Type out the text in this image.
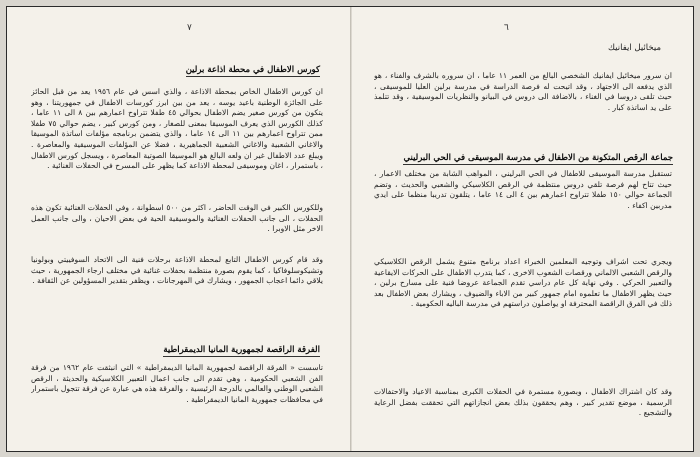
٧
كورس الاطفال في محطة اذاعة برلين
ان كورس الاطفال الخاص بمحطة الاذاعة ، والذي اسس في عام ١٩٥٦ يعد من قبل الحائز على الجائزة الوطنية باعيد يوسه ، يعد من بين ابرز كورسات الاطفال في جمهوريتنا ، وهو يتكون من كورس صغير يضم الاطفال بحوالي ٤٥ طفلا تتراوح اعمارهم بين ٨ الى ١١ عاما ، كذلك الكورس الذي يعرف الموسيقا بمعنى للصغار ، ومن كورس كبير ، يضم حوالي ٧٥ طفلا ممن تتراوح اعمارهم بين ١١ الى ١٤ عاما ، والذي يتضمن برنامجه مؤلفات اساتذة الموسيقا والاغاني الشعبية والاغاني الشعبية الجماهيرية ، فضلا عن المؤلفات الموسيقية والمعاصرة . ويبلغ عدد الاطفال غير ان ولعه البالغ هو الموسيقا الصوتية المعاصرة ، ويسجل كورس الاطفال ، باستمرار ، اغان وموسيقى لمحطة الاذاعة كما يظهر على المسرح في الحفلات الغنائية .
وللكورس الكبير في الوقت الحاضر ، اكثر من ٥٠٠ اسطوانة ، وفي الحفلات الغنائية تكون هذه الحفلات ، الى جانب الحفلات الغنائية والموسيقية الحية في بعض الاحيان ، والى جانب العمل الاخر مثل الاوبرا .
وقد قام كورس الاطفال التابع لمحطة الاذاعة برحلات فنية الى الاتحاد السوفييتي وبولونيا وتشيكوسلوفاكيا ، كما يقوم بصورة منتظمة بحفلات غنائية في مختلف ارجاء الجمهورية ، حيث يلاقي دائما اعجاب الجمهور ، ويشارك في المهرجانات ، ويظفر بتقدير المسؤولين عن الثقافة .
الفرقة الراقصة لجمهورية المانيا الديمقراطية
تاسست « الفرقة الراقصة لجمهورية المانيا الديمقراطية » التي انبثقت عام ١٩٦٢ من فرقة الفن الشعبي الحكومية ، وهي تقدم الى جانب اعمال التعبير الكلاسيكية والحديثة ، الرقص الشعبي الوطني والعالمي بالدرجة الرئيسية ، والفرقة هذه هي عبارة عن فرقة تتجول باستمرار في محافظات جمهورية المانيا الديمقراطية .
٦
ميخائيل ايفانيك
ان سرور ميخائيل ايفانيك الشخصي البالغ من العمر ١١ عاما ، ان سروره بالشرف والفناء ، هو الذي يدفعه الى الاجتهاد ، وقد اتيحت له فرصة الدراسة في مدرسة برلين العليا للموسيقى ، حيث تلقى دروسا في الغناء ، بالاضافة الى دروس في البيانو والنظريات الموسيقية ، وقد تتلمذ على يد اساتذة كبار .
جماعة الرقص المتكونة من الاطفال في مدرسة الموسيقى في الحي البرليني
تستقبل مدرسة الموسيقى للاطفال في الحي البرليني ، المواهب الشابة من مختلف الاعمار ، حيث تتاح لهم فرصة تلقي دروس منتظمة في الرقص الكلاسيكي والشعبي والحديث ، وتضم الجماعة حوالي ١٥٠ طفلا تتراوح اعمارهم بين ٤ الى ١٤ عاما ، يتلقون تدريبا منظما على ايدي مدربين اكفاء .
ويجري تحت اشراف وتوجيه المعلمين الخبراء اعداد برنامج متنوع يشمل الرقص الكلاسيكي والرقص الشعبي الالماني ورقصات الشعوب الاخرى ، كما يتدرب الاطفال على الحركات الايقاعية والتعبير الحركي . وفي نهاية كل عام دراسي تقدم الجماعة عروضا فنية على مسارح برلين ، حيث يظهر الاطفال ما تعلموه امام جمهور كبير من الاباء والضيوف ، ويشارك بعض الاطفال بعد ذلك في الفرق الراقصة المحترفة او يواصلون دراستهم في مدرسة الباليه الحكومية .
وقد كان اشتراك الاطفال ، وبصورة مستمرة في الحفلات الكبرى بمناسبة الاعياد والاحتفالات الرسمية ، موضع تقدير كبير ، وهم يحققون بذلك بعض انجازاتهم التي تحققت بفضل الرعاية والتشجيع .
